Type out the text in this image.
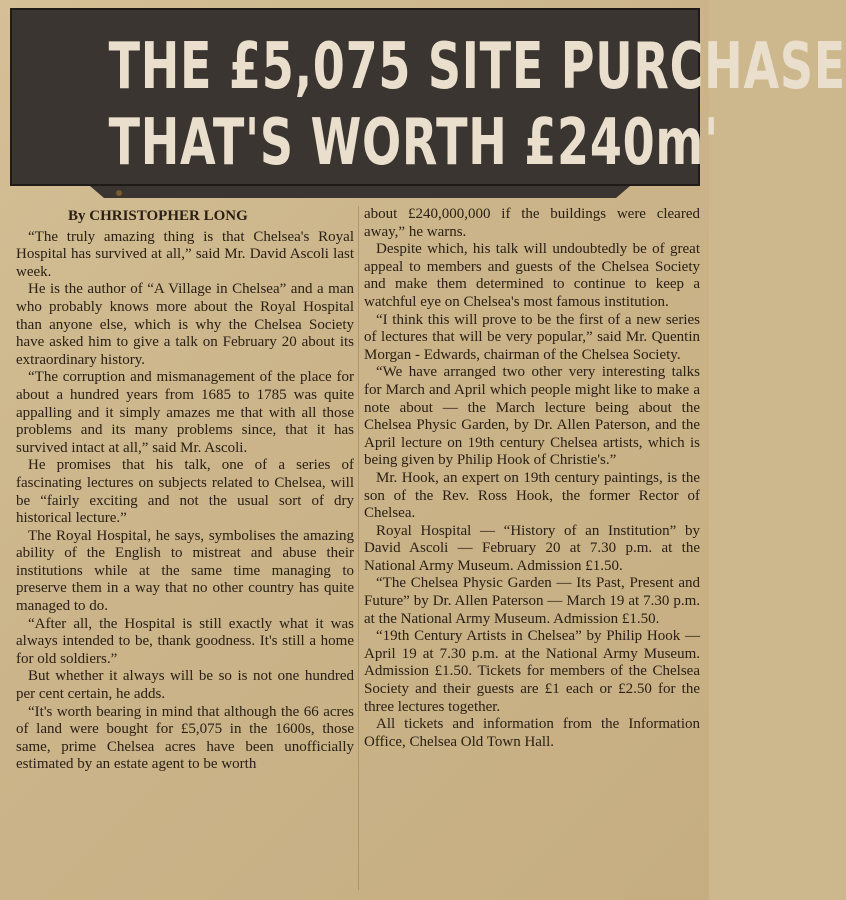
THE £5,075 SITE PURCHASE
THAT'S WORTH £240m'

By CHRISTOPHER LONG

“The truly amazing thing is that Chelsea's Royal Hospital has survived at all,” said Mr. David Ascoli last week.

He is the author of “A Village in Chelsea” and a man who probably knows more about the Royal Hospital than anyone else, which is why the Chelsea Society have asked him to give a talk on February 20 about its extraordinary history.

“The corruption and mismanagement of the place for about a hundred years from 1685 to 1785 was quite appalling and it simply amazes me that with all those problems and its many problems since, that it has survived intact at all,” said Mr. Ascoli.

He promises that his talk, one of a series of fascinating lectures on subjects related to Chelsea, will be “fairly exciting and not the usual sort of dry historical lecture.”

The Royal Hospital, he says, symbolises the amazing ability of the English to mistreat and abuse their institutions while at the same time managing to preserve them in a way that no other country has quite managed to do.

“After all, the Hospital is still exactly what it was always intended to be, thank goodness. It's still a home for old soldiers.”

But whether it always will be so is not one hundred per cent certain, he adds.

“It's worth bearing in mind that although the 66 acres of land were bought for £5,075 in the 1600s, those same, prime Chelsea acres have been unofficially estimated by an estate agent to be worth

about £240,000,000 if the buildings were cleared away,” he warns.

Despite which, his talk will undoubtedly be of great appeal to members and guests of the Chelsea Society and make them determined to continue to keep a watchful eye on Chelsea's most famous institution.

“I think this will prove to be the first of a new series of lectures that will be very popular,” said Mr. Quentin Morgan - Edwards, chairman of the Chelsea Society.

“We have arranged two other very interesting talks for March and April which people might like to make a note about — the March lecture being about the Chelsea Physic Garden, by Dr. Allen Paterson, and the April lecture on 19th century Chelsea artists, which is being given by Philip Hook of Christie's.”

Mr. Hook, an expert on 19th century paintings, is the son of the Rev. Ross Hook, the former Rector of Chelsea.

Royal Hospital — “History of an Institution” by David Ascoli — February 20 at 7.30 p.m. at the National Army Museum. Admission £1.50.

“The Chelsea Physic Garden — Its Past, Present and Future” by Dr. Allen Paterson — March 19 at 7.30 p.m. at the National Army Museum. Admission £1.50.

“19th Century Artists in Chelsea” by Philip Hook — April 19 at 7.30 p.m. at the National Army Museum. Admission £1.50. Tickets for members of the Chelsea Society and their guests are £1 each or £2.50 for the three lectures together.

All tickets and information from the Information Office, Chelsea Old Town Hall.
